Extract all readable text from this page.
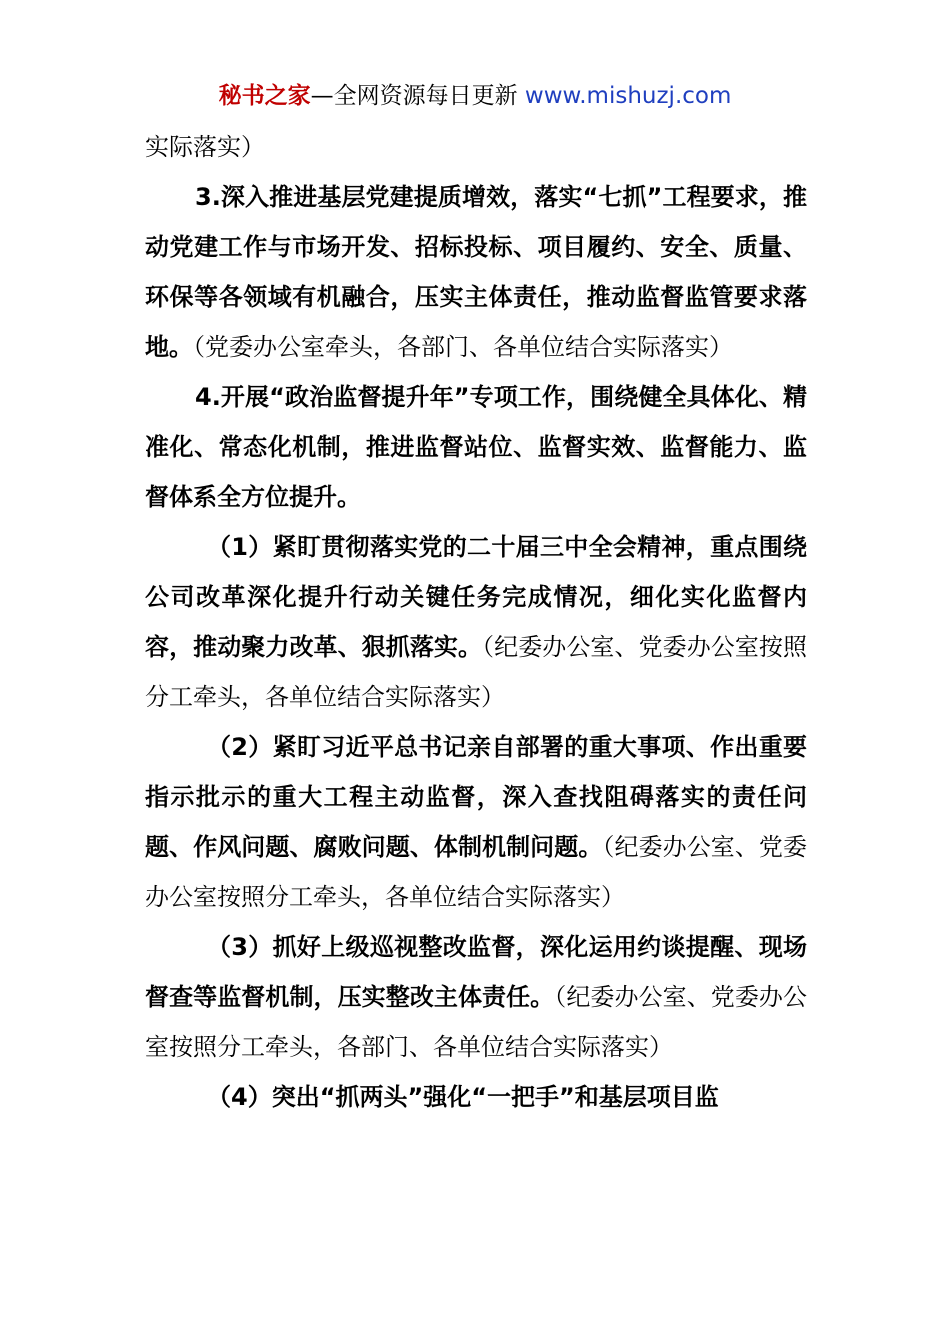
秘书之家—全网资源每日更新 www.mishuzj.com

实际落实）

3.深入推进基层党建提质增效，落实“七抓”工程要求，推动党建工作与市场开发、招标投标、项目履约、安全、质量、环保等各领域有机融合，压实主体责任，推动监督监管要求落地。（党委办公室牵头，各部门、各单位结合实际落实）

4.开展“政治监督提升年”专项工作，围绕健全具体化、精准化、常态化机制，推进监督站位、监督实效、监督能力、监督体系全方位提升。

（1）紧盯贯彻落实党的二十届三中全会精神，重点围绕公司改革深化提升行动关键任务完成情况，细化实化监督内容，推动聚力改革、狠抓落实。（纪委办公室、党委办公室按照分工牵头，各单位结合实际落实）

（2）紧盯习近平总书记亲自部署的重大事项、作出重要指示批示的重大工程主动监督，深入查找阻碍落实的责任问题、作风问题、腐败问题、体制机制问题。（纪委办公室、党委办公室按照分工牵头，各单位结合实际落实）

（3）抓好上级巡视整改监督，深化运用约谈提醒、现场督查等监督机制，压实整改主体责任。（纪委办公室、党委办公室按照分工牵头，各部门、各单位结合实际落实）

（4）突出“抓两头”强化“一把手”和基层项目监
